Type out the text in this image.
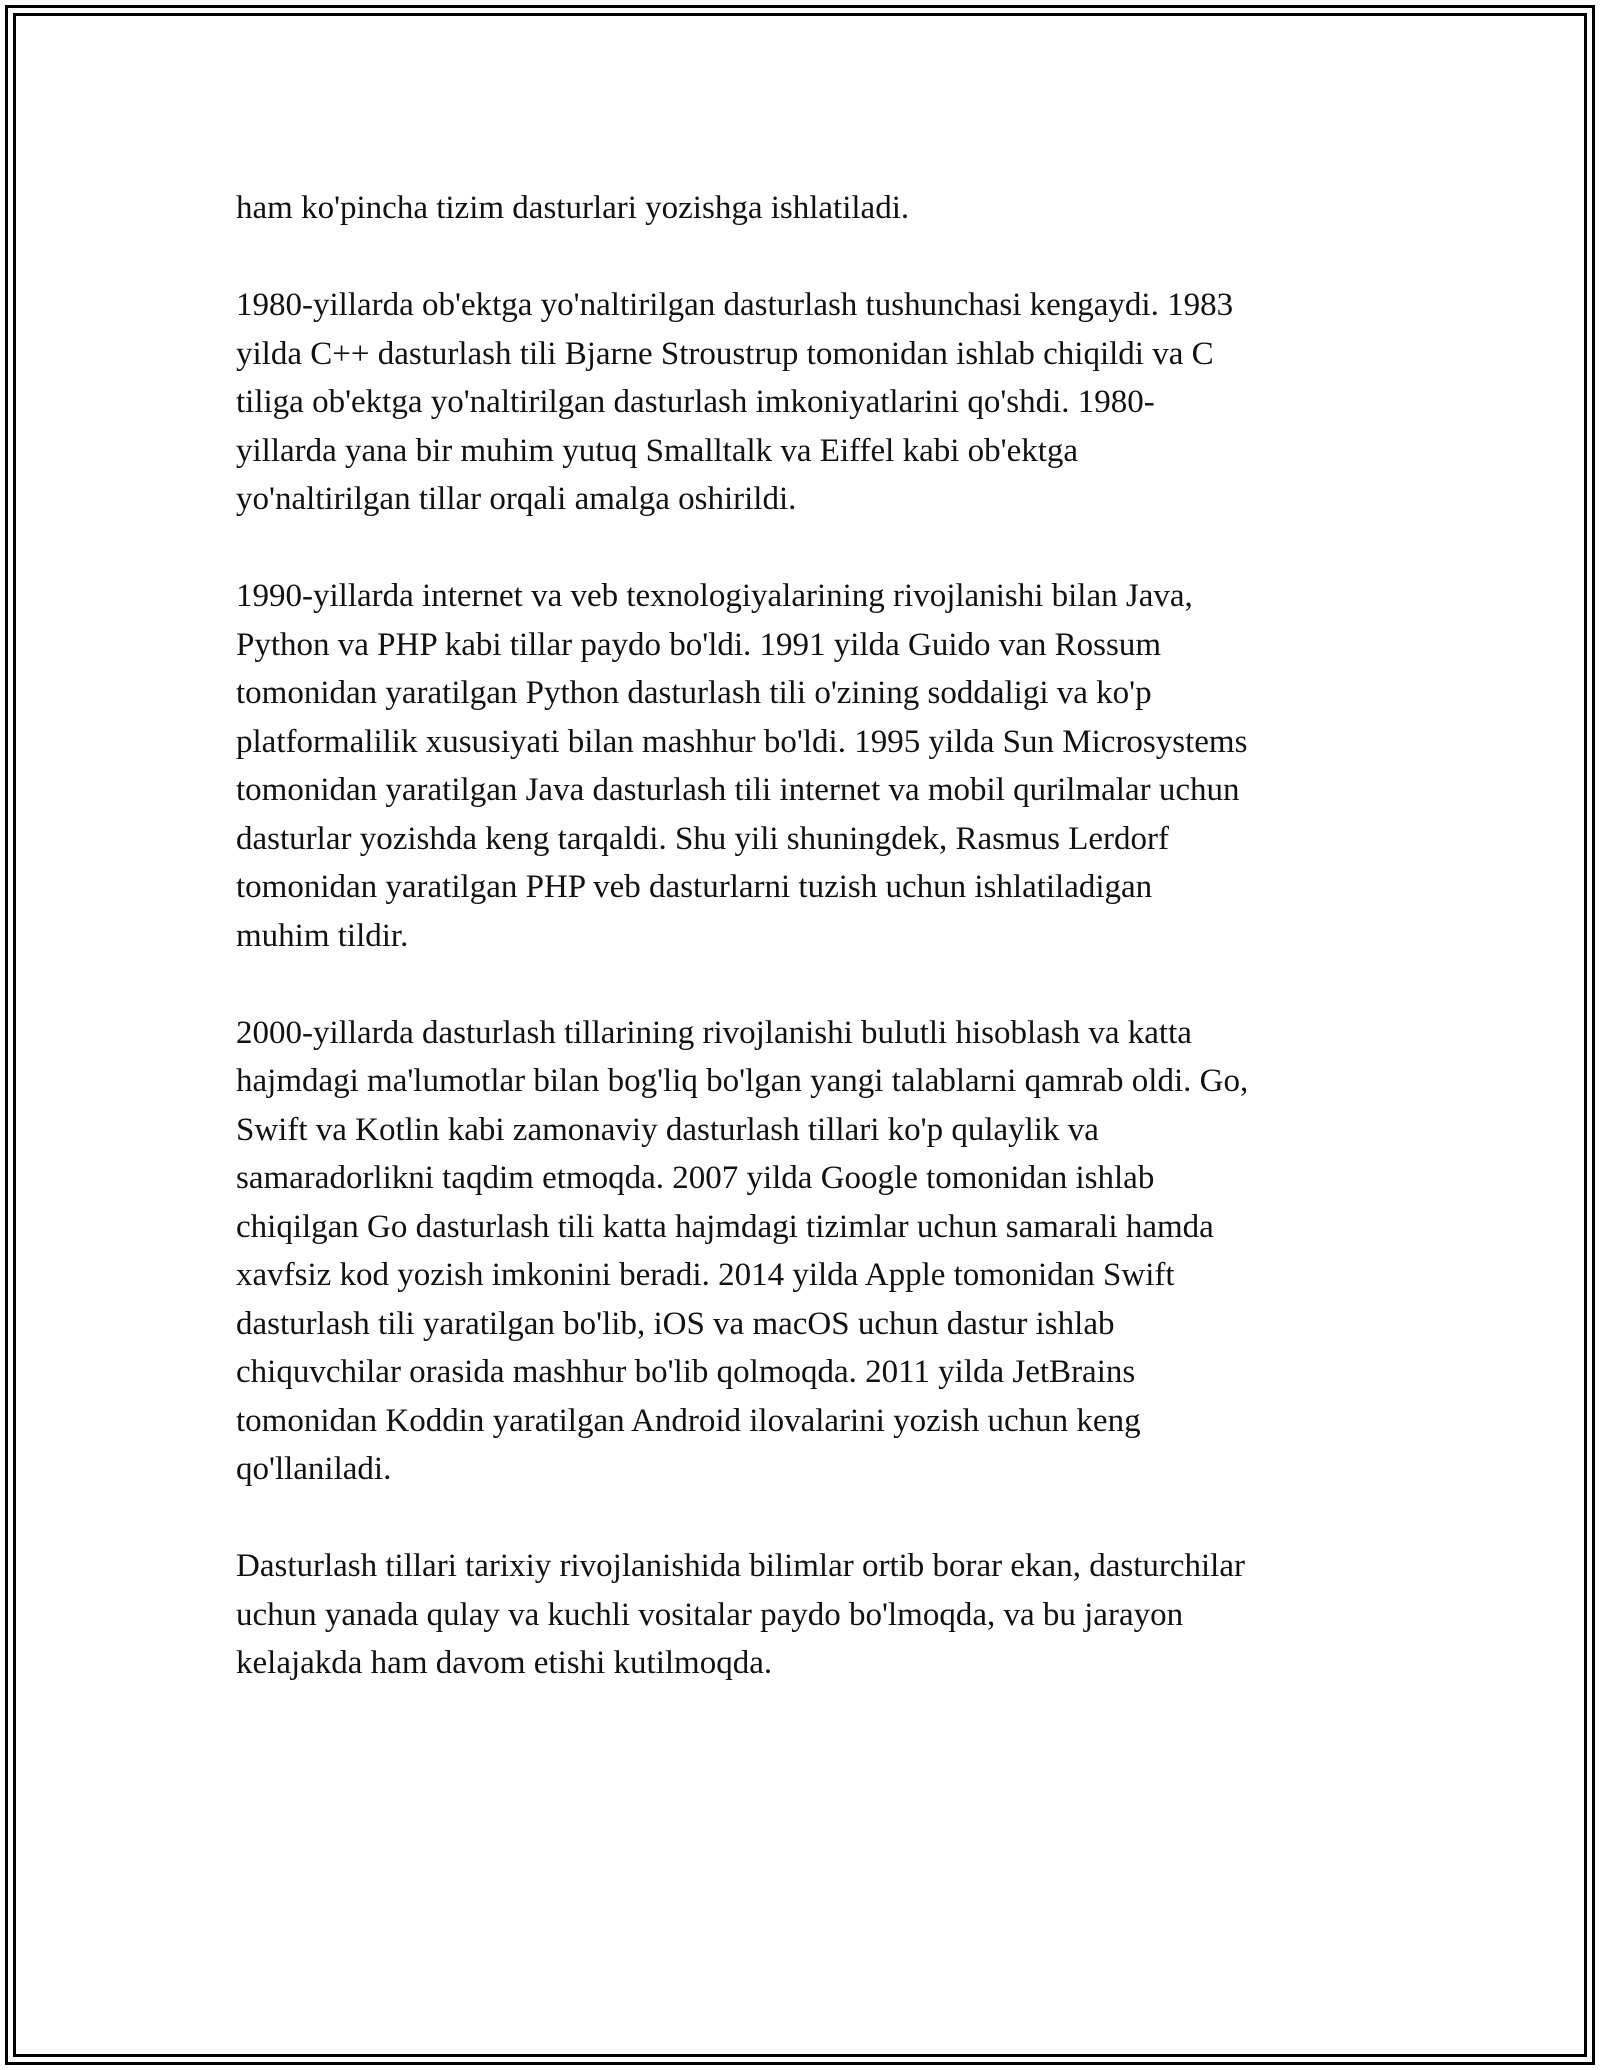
ham ko'pincha tizim dasturlari yozishga ishlatiladi.

1980-yillarda ob'ektga yo'naltirilgan dasturlash tushunchasi kengaydi. 1983
yilda C++ dasturlash tili Bjarne Stroustrup tomonidan ishlab chiqildi va C
tiliga ob'ektga yo'naltirilgan dasturlash imkoniyatlarini qo'shdi. 1980-
yillarda yana bir muhim yutuq Smalltalk va Eiffel kabi ob'ektga
yo'naltirilgan tillar orqali amalga oshirildi.

1990-yillarda internet va veb texnologiyalarining rivojlanishi bilan Java,
Python va PHP kabi tillar paydo bo'ldi. 1991 yilda Guido van Rossum
tomonidan yaratilgan Python dasturlash tili o'zining soddaligi va ko'p
platformalilik xususiyati bilan mashhur bo'ldi. 1995 yilda Sun Microsystems
tomonidan yaratilgan Java dasturlash tili internet va mobil qurilmalar uchun
dasturlar yozishda keng tarqaldi. Shu yili shuningdek, Rasmus Lerdorf
tomonidan yaratilgan PHP veb dasturlarni tuzish uchun ishlatiladigan
muhim tildir.

2000-yillarda dasturlash tillarining rivojlanishi bulutli hisoblash va katta
hajmdagi ma'lumotlar bilan bog'liq bo'lgan yangi talablarni qamrab oldi. Go,
Swift va Kotlin kabi zamonaviy dasturlash tillari ko'p qulaylik va
samaradorlikni taqdim etmoqda. 2007 yilda Google tomonidan ishlab
chiqilgan Go dasturlash tili katta hajmdagi tizimlar uchun samarali hamda
xavfsiz kod yozish imkonini beradi. 2014 yilda Apple tomonidan Swift
dasturlash tili yaratilgan bo'lib, iOS va macOS uchun dastur ishlab
chiquvchilar orasida mashhur bo'lib qolmoqda. 2011 yilda JetBrains
tomonidan Koddin yaratilgan Android ilovalarini yozish uchun keng
qo'llaniladi.

Dasturlash tillari tarixiy rivojlanishida bilimlar ortib borar ekan, dasturchilar
uchun yanada qulay va kuchli vositalar paydo bo'lmoqda, va bu jarayon
kelajakda ham davom etishi kutilmoqda.
